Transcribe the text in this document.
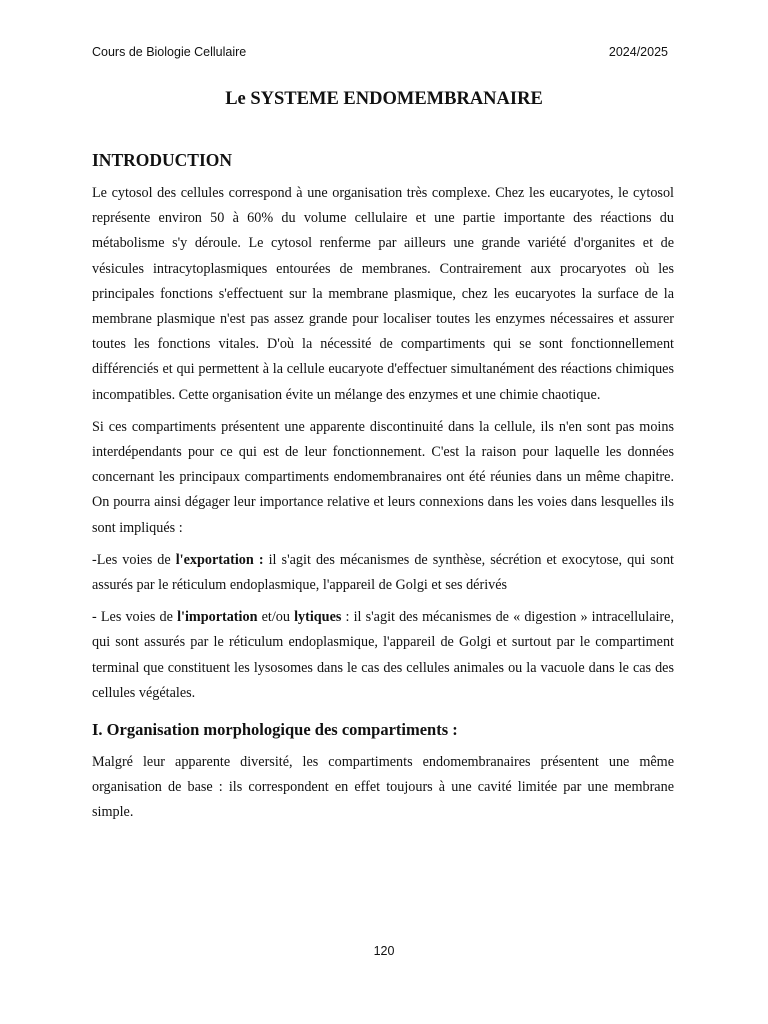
Cours de Biologie Cellulaire	2024/2025
Le SYSTEME ENDOMEMBRANAIRE
INTRODUCTION

Le cytosol des cellules correspond à une organisation très complexe. Chez les eucaryotes, le cytosol représente environ 50 à 60% du volume cellulaire et une partie importante des réactions du métabolisme s'y déroule. Le cytosol renferme par ailleurs une grande variété d'organites et de vésicules intracytoplasmiques entourées de membranes. Contrairement aux procaryotes où les principales fonctions s'effectuent sur la membrane plasmique, chez les eucaryotes la surface de la membrane plasmique n'est pas assez grande pour localiser toutes les enzymes nécessaires et assurer toutes les fonctions vitales. D'où la nécessité de compartiments qui se sont fonctionnellement différenciés et qui permettent à la cellule eucaryote d'effectuer simultanément des réactions chimiques incompatibles. Cette organisation évite un mélange des enzymes et une chimie chaotique.

Si ces compartiments présentent une apparente discontinuité dans la cellule, ils n'en sont pas moins interdépendants pour ce qui est de leur fonctionnement. C'est la raison pour laquelle les données concernant les principaux compartiments endomembranaires ont été réunies dans un même chapitre. On pourra ainsi dégager leur importance relative et leurs connexions dans les voies dans lesquelles ils sont impliqués :

-Les voies de l'exportation : il s'agit des mécanismes de synthèse, sécrétion et exocytose, qui sont assurés par le réticulum endoplasmique, l'appareil de Golgi et ses dérivés

- Les voies de l'importation et/ou lytiques : il s'agit des mécanismes de « digestion » intracellulaire, qui sont assurés par le réticulum endoplasmique, l'appareil de Golgi et surtout par le compartiment terminal que constituent les lysosomes dans le cas des cellules animales ou la vacuole dans le cas des cellules végétales.

I. Organisation morphologique des compartiments :

Malgré leur apparente diversité, les compartiments endomembranaires présentent une même organisation de base : ils correspondent en effet toujours à une cavité limitée par une membrane simple.

120
